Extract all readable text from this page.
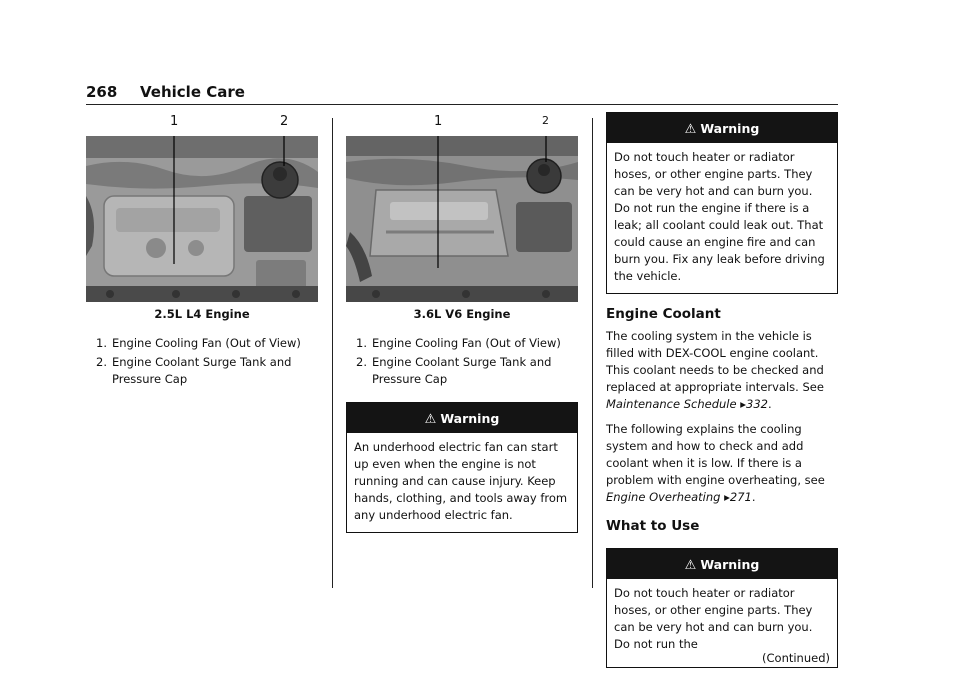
268 Vehicle Care
1	2
2.5L L4 Engine
1. Engine Cooling Fan (Out of View)
2. Engine Coolant Surge Tank and Pressure Cap
1	2
3.6L V6 Engine
1. Engine Cooling Fan (Out of View)
2. Engine Coolant Surge Tank and Pressure Cap
⚠ Warning
An underhood electric fan can start up even when the engine is not running and can cause injury. Keep hands, clothing, and tools away from any underhood electric fan.
⚠ Warning
Do not touch heater or radiator hoses, or other engine parts. They can be very hot and can burn you. Do not run the engine if there is a leak; all coolant could leak out. That could cause an engine fire and can burn you. Fix any leak before driving the vehicle.
Engine Coolant

The cooling system in the vehicle is filled with DEX-COOL engine coolant. This coolant needs to be checked and replaced at appropriate intervals. See Maintenance Schedule ▸332.

The following explains the cooling system and how to check and add coolant when it is low. If there is a problem with engine overheating, see Engine Overheating ▸271.

What to Use
⚠ Warning
Do not touch heater or radiator hoses, or other engine parts. They can be very hot and can burn you. Do not run the
(Continued)
